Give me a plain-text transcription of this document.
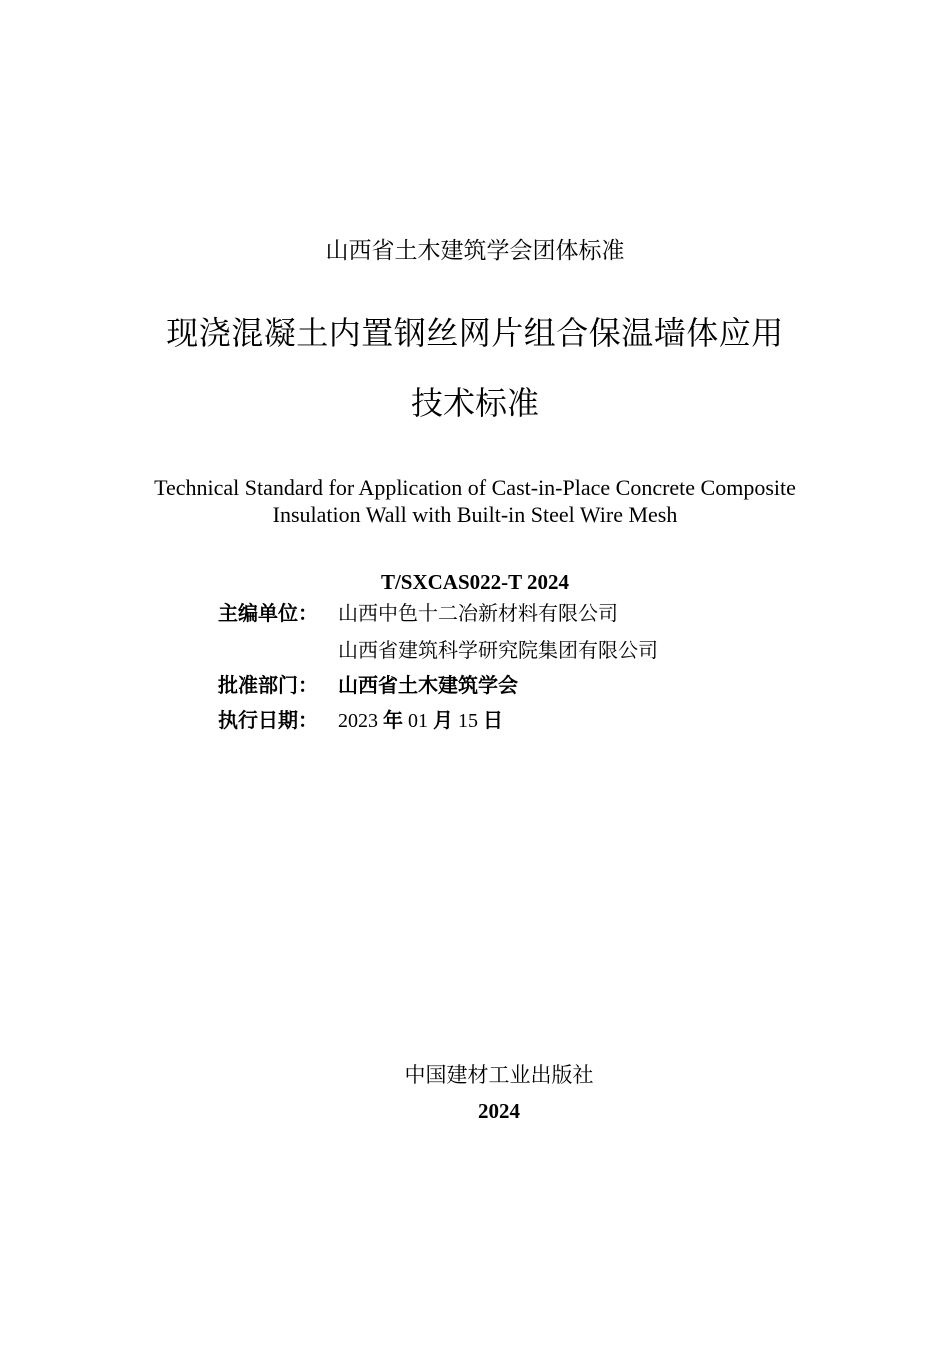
山西省土木建筑学会团体标准
现浇混凝土内置钢丝网片组合保温墙体应用
技术标准
Technical Standard for Application of Cast-in-Place Concrete Composite
Insulation Wall with Built-in Steel Wire Mesh
T/SXCAS022-T 2024
主编单位： 山西中色十二冶新材料有限公司
山西省建筑科学研究院集团有限公司
批准部门： 山西省土木建筑学会
执行日期： 2023 年 01 月 15 日
中国建材工业出版社
2024
